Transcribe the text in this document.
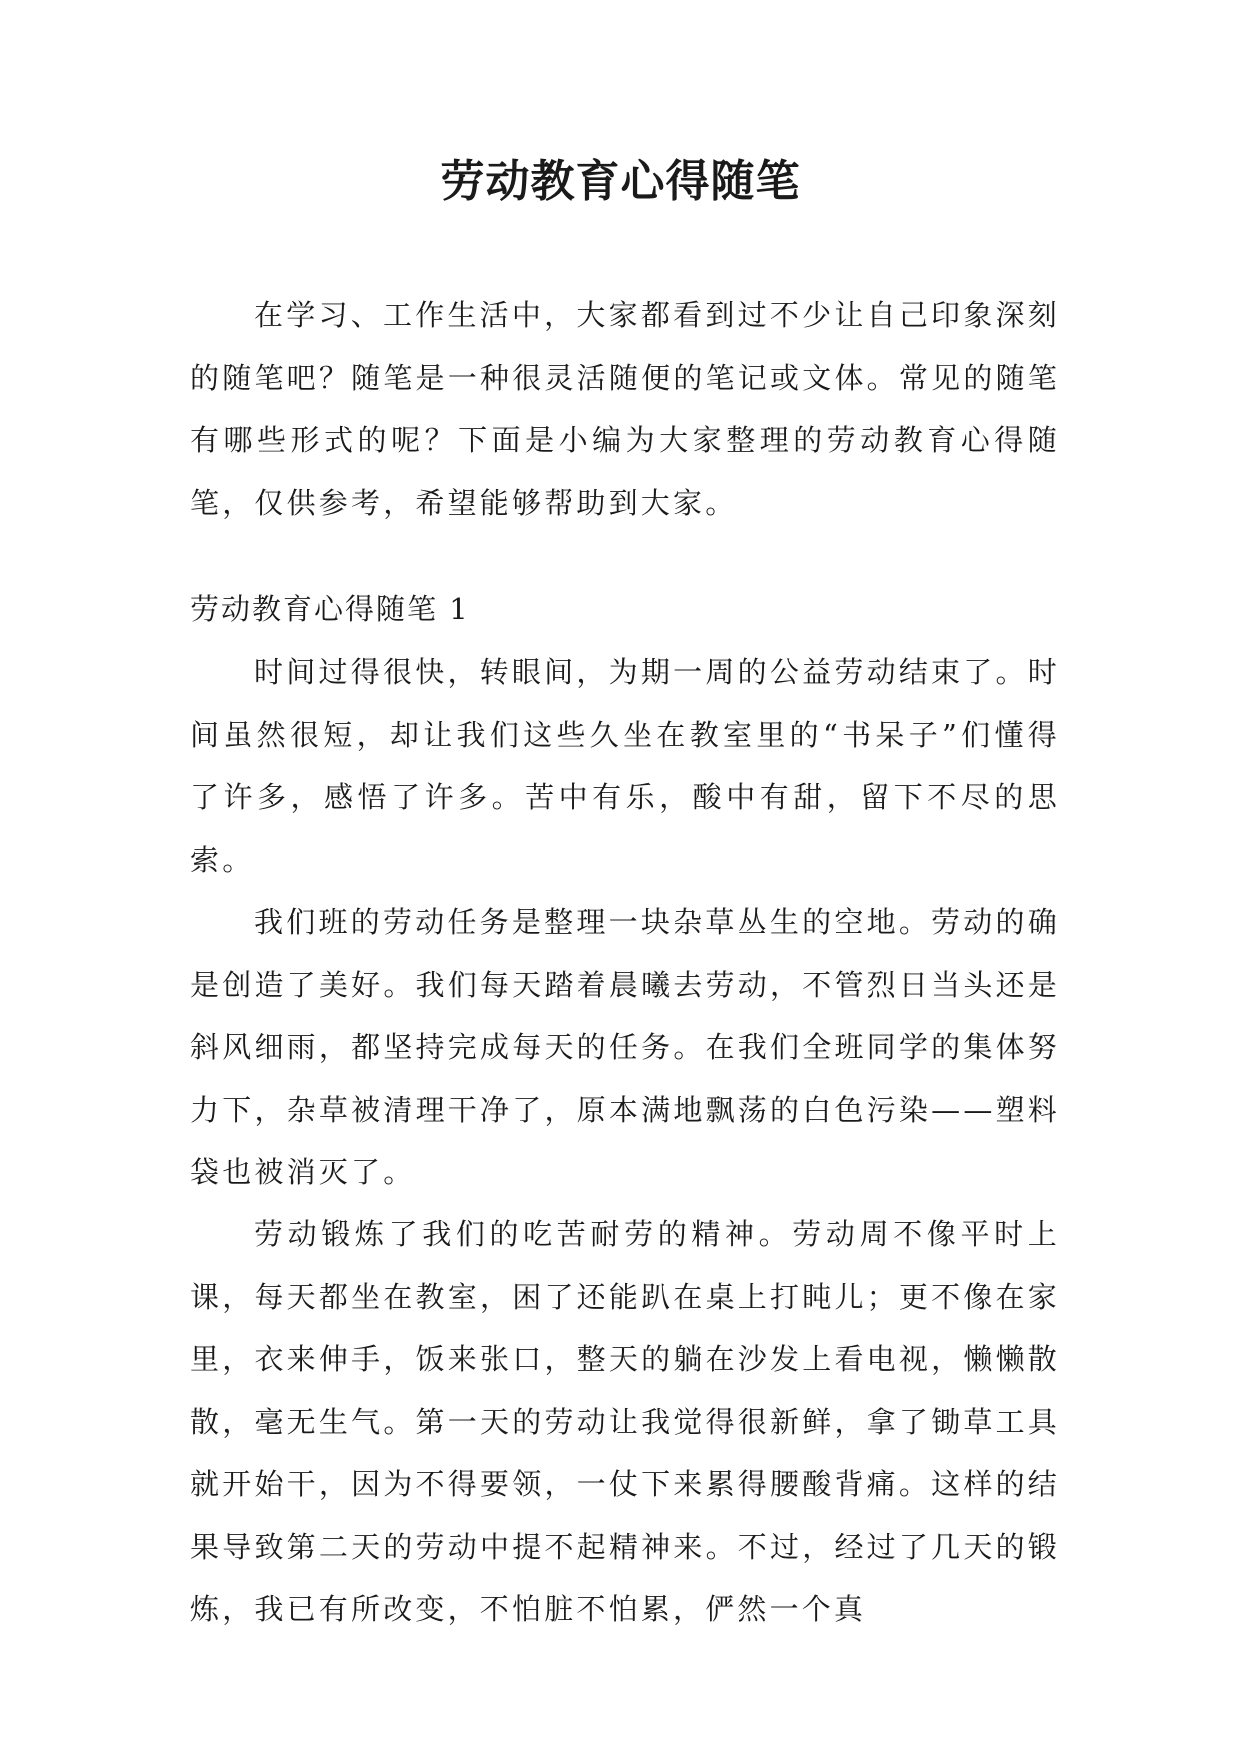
劳动教育心得随笔

在学习、工作生活中，大家都看到过不少让自己印象深刻的随笔吧？随笔是一种很灵活随便的笔记或文体。常见的随笔有哪些形式的呢？下面是小编为大家整理的劳动教育心得随笔，仅供参考，希望能够帮助到大家。

劳动教育心得随笔 1

时间过得很快，转眼间，为期一周的公益劳动结束了。时间虽然很短，却让我们这些久坐在教室里的“书呆子”们懂得了许多，感悟了许多。苦中有乐，酸中有甜，留下不尽的思索。

我们班的劳动任务是整理一块杂草丛生的空地。劳动的确是创造了美好。我们每天踏着晨曦去劳动，不管烈日当头还是斜风细雨，都坚持完成每天的任务。在我们全班同学的集体努力下，杂草被清理干净了，原本满地飘荡的白色污染——塑料袋也被消灭了。

劳动锻炼了我们的吃苦耐劳的精神。劳动周不像平时上课，每天都坐在教室，困了还能趴在桌上打盹儿；更不像在家里，衣来伸手，饭来张口，整天的躺在沙发上看电视，懒懒散散，毫无生气。第一天的劳动让我觉得很新鲜，拿了锄草工具就开始干，因为不得要领，一仗下来累得腰酸背痛。这样的结果导致第二天的劳动中提不起精神来。不过，经过了几天的锻炼，我已有所改变，不怕脏不怕累，俨然一个真
